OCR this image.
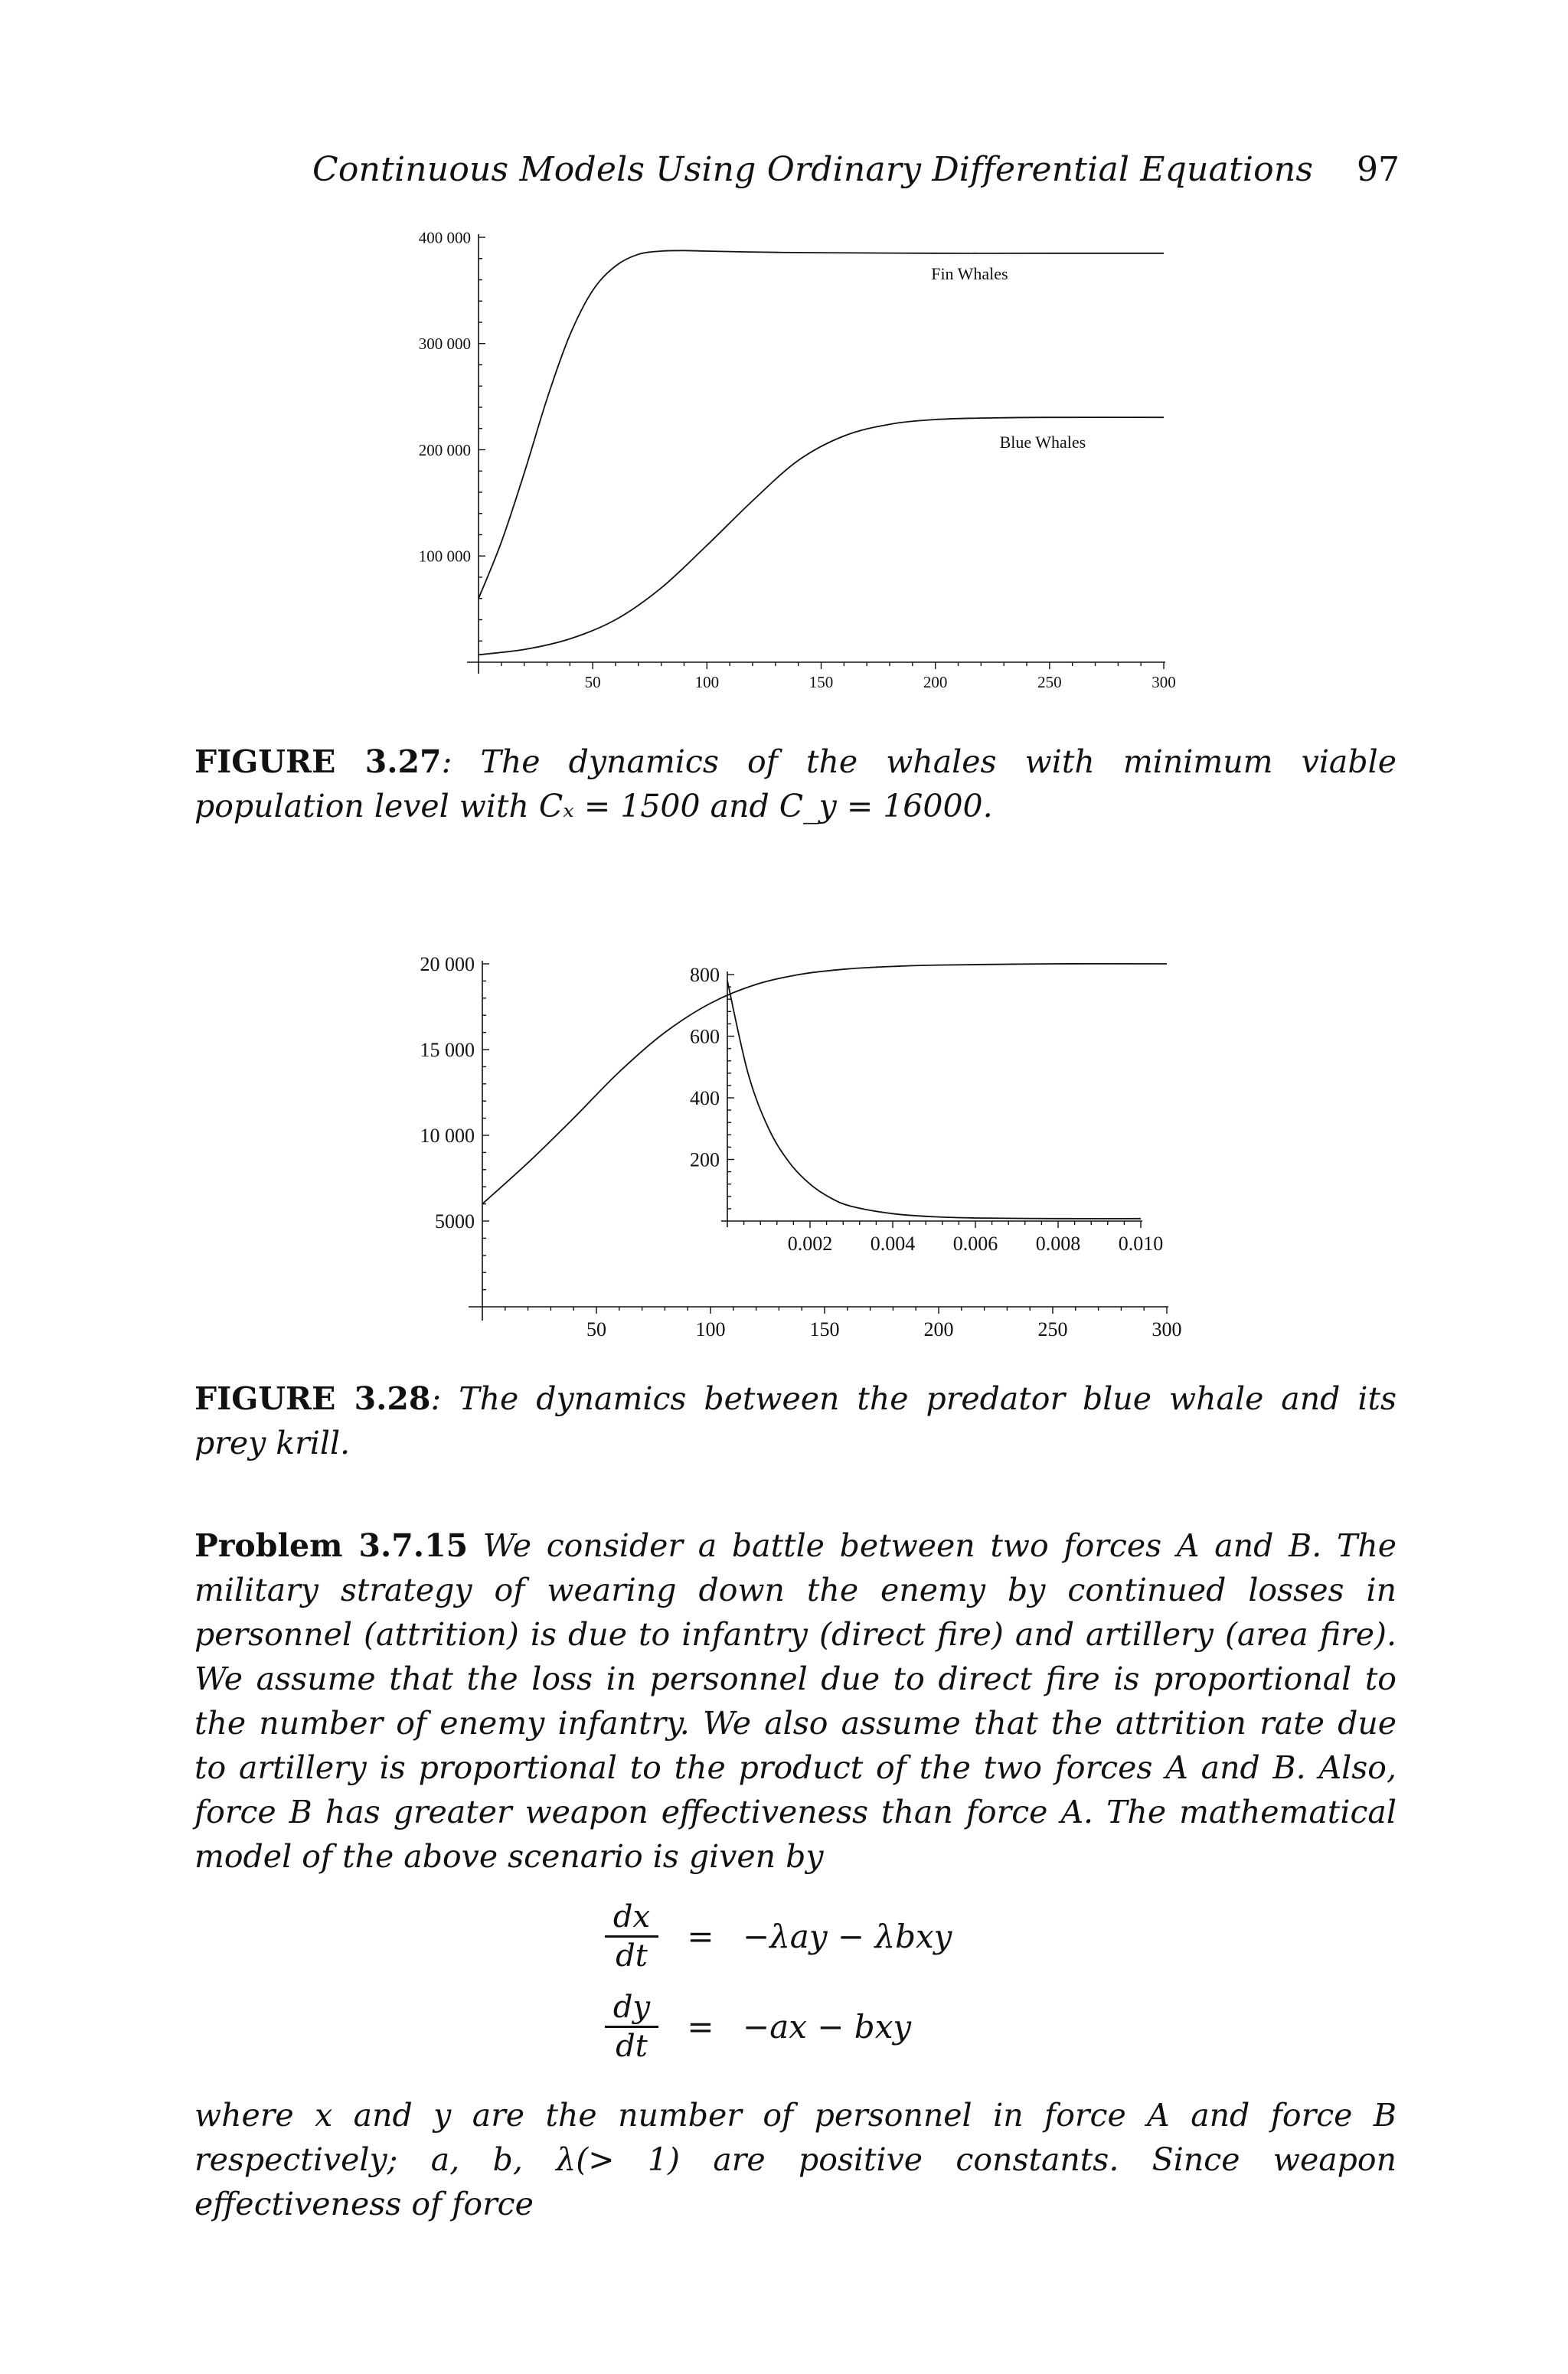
Continuous Models Using Ordinary Differential Equations 97
50	100	150	200	250	300
100 000
200 000
300 000
400 000
Fin Whales
Blue Whales
FIGURE 3.27: The dynamics of the whales with minimum viable population level with Cₓ = 1500 and C_y = 16000.
50	100	150	200	250	300
5000
10 000
15 000
20 000
0.002 0.004 0.006 0.008 0.010
200
400
600
800
FIGURE 3.28: The dynamics between the predator blue whale and its prey krill.
Problem 3.7.15 We consider a battle between two forces A and B. The military strategy of wearing down the enemy by continued losses in personnel (attrition) is due to infantry (direct fire) and artillery (area fire). We assume that the loss in personnel due to direct fire is proportional to the number of enemy infantry. We also assume that the attrition rate due to artillery is proportional to the product of the two forces A and B. Also, force B has greater weapon effectiveness than force A. The mathematical model of the above scenario is given by
$\frac{dx}{dt} = -\lambda ay - \lambda bxy$
$\frac{dy}{dt} = -ax$ − bxy
where x and y are the number of personnel in force A and force B respectively; a, b, λ(> 1) are positive constants. Since weapon effectiveness of force
